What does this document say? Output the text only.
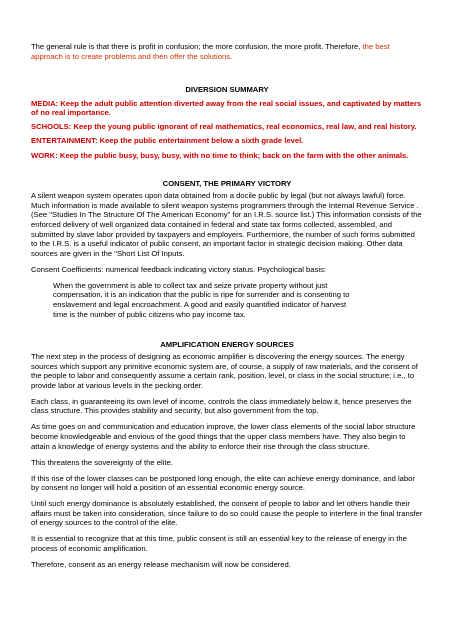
The general rule is that there is profit in confusion; the more confusion, the more profit. Therefore, the best approach is to create problems and then offer the solutions.

DIVERSION SUMMARY

MEDIA: Keep the adult public attention diverted away from the real social issues, and captivated by matters of no real importance.

SCHOOLS: Keep the young public ignorant of real mathematics, real economics, real law, and real history.

ENTERTAINMENT: Keep the public entertainment below a sixth grade level.

WORK: Keep the public busy, busy, busy, with no time to think; back on the farm with the other animals.

CONSENT, THE PRIMARY VICTORY

A silent weapon system operates upon data obtained from a docile public by legal (but not always lawful) force. Much information is made available to silent weapon systems programmers through the Internal Revenue Service . (See "Studies In The Structure Of The American Economy" for an I.R.S. source list.) This information consists of the enforced delivery of well organized data contained in federal and state tax forms collected, assembled, and submitted by slave labor provided by taxpayers and employers. Furthermore, the number of such forms submitted to the I.R.S. is a useful indicator of public consent, an important factor in strategic decision making. Other data sources are given in the "Short List Of Inputs.

Consent Coefficients: numerical feedback indicating victory status. Psychological basis:

When the government is able to collect tax and seize private property without just compensation, it is an indication that the public is ripe for surrender and is consenting to enslavement and legal encroachment. A good and easily quantified indicator of harvest time is the number of public citizens who pay income tax.

AMPLIFICATION ENERGY SOURCES

The next step in the process of designing as economic amplifier is discovering the energy sources. The energy sources which support any primitive economic system are, of course, a supply of raw materials, and the consent of the people to labor and consequently assume a certain rank, position, level, or class in the social structure; i.e., to provide labor at various levels in the pecking order.

Each class, in guaranteeing its own level of income, controls the class immediately below it, hence preserves the class structure. This provides stability and security, but also government from the top.

As time goes on and communication and education improve, the lower class elements of the social labor structure become knowledgeable and envious of the good things that the upper class members have. They also begin to attain a knowledge of energy systems and the ability to enforce their rise through the class structure.

This threatens the sovereignty of the elite.

If this rise of the lower classes can be postponed long enough, the elite can achieve energy dominance, and labor by consent no longer will hold a position of an essential economic energy source.

Until such energy dominance is absolutely established, the consent of people to labor and let others handle their affairs must be taken into consideration, since failure to do so could cause the people to interfere in the final transfer of energy sources to the control of the elite.

It is essential to recognize that at this time, public consent is still an essential key to the release of energy in the process of economic amplification.

Therefore, consent as an energy release mechanism will now be considered.
